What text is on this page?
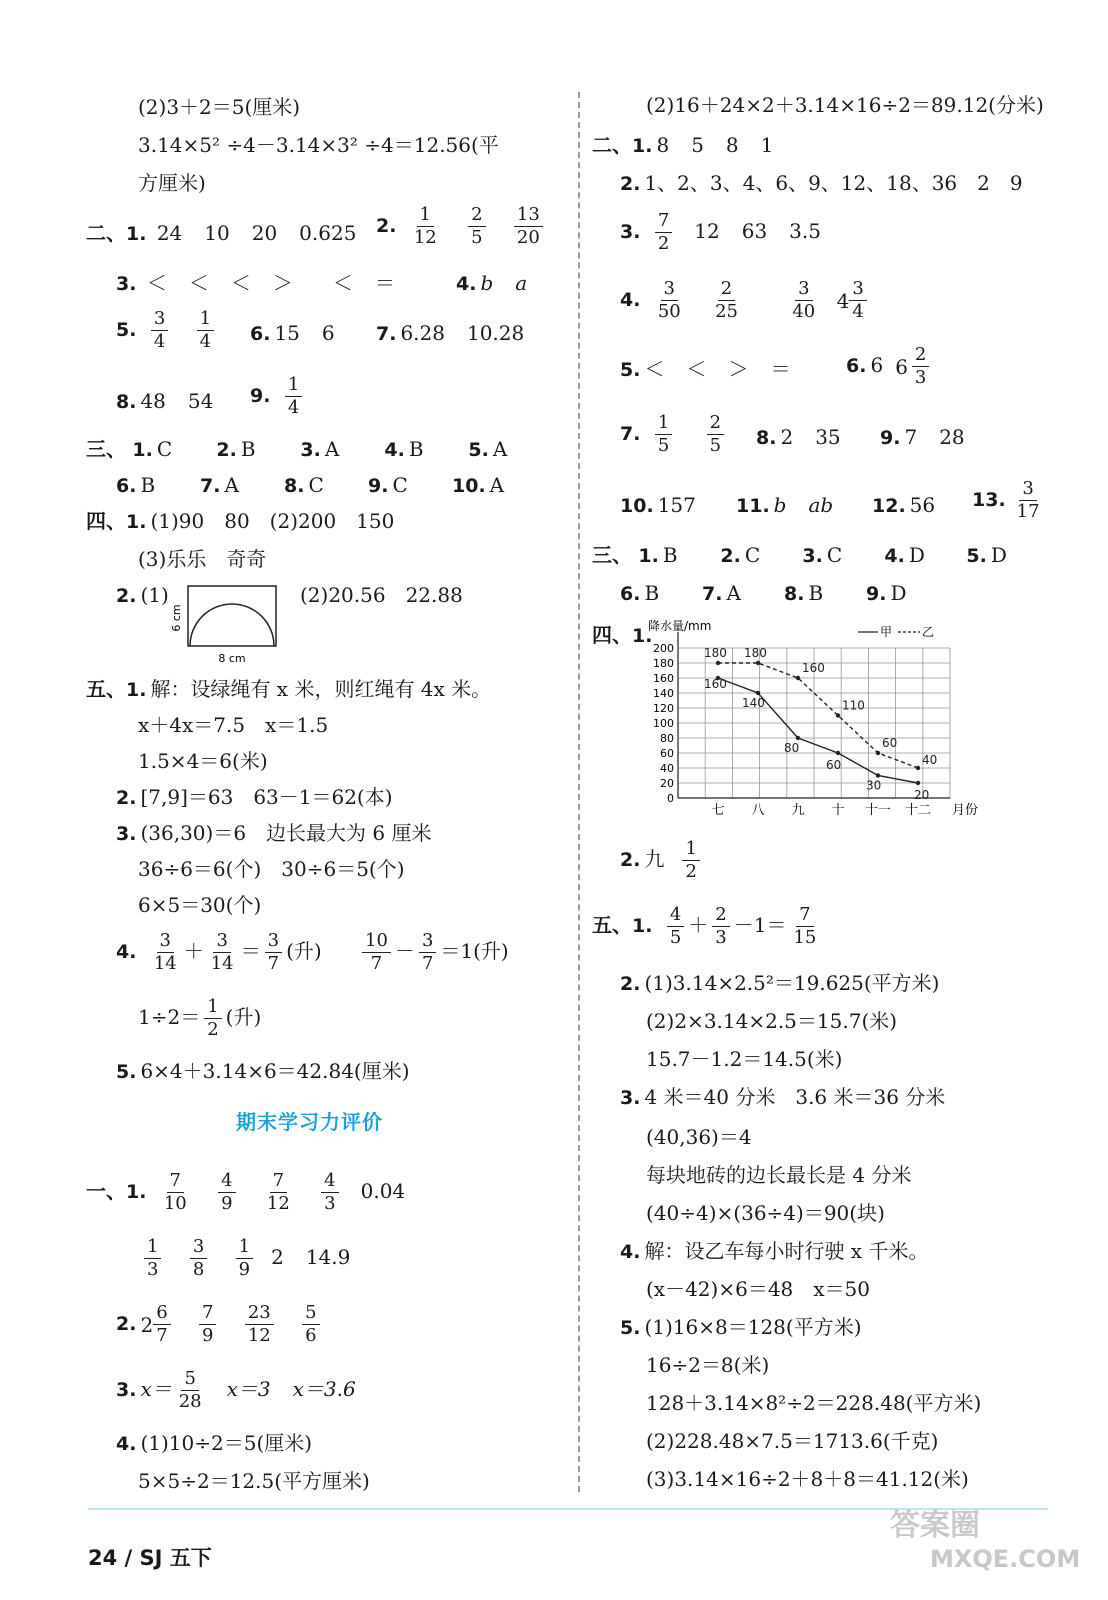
(2)3＋2＝5(厘米)
3.14×5² ÷4－3.14×3² ÷4＝12.56(平
方厘米)
二、1. 24 10 20 0.625	2. $\frac{1}{12}$
$\frac{2}{5}$
$\frac{13}{20}$
3. ＜ ＜ ＜ ＞ ＜ ＝	4. b a
5. $\frac{3}{4}$
$\frac{1}{4} 6$. 15 6 7. 6.28 10.28
8. 48 54 9. $\frac{1}{4}$
三、 1. C 2. B 3. A 4. B 5. A
6. B 7. A 8. C 9. C 10. A
四、1. (1)90　80　(2)200　150
(3)乐乐　奇奇
2. (1)
6 cm
8 cm
(2)20.56　22.88
五、1. 解：设绿绳有 x 米，则红绳有 4x 米。
x＋4x＝7.5　x＝1.5
1.5×4＝6(米)
2. [7,9]＝63　63－1＝62(本)
3. (36,30)＝6　边长最大为 6 厘米
36÷6＝6(个)　30÷6＝5(个)
6×5＝30(个)
4. $\frac{3}{14} + \frac{3}{14} = \frac{3}{7}$ (升) $\frac{10}{7} - \frac{3}{7} =1$(升)
$1\div 2= \frac{1}{2}$ (升)
5. 6×4＋3.14×6＝42.84(厘米)
期末学习力评价
一、1. $\frac{7}{10}$
$\frac{4}{9}$
$\frac{7}{12}$
$\frac{4}{3} 0.04$
$\frac{1}{3}$
$\frac{3}{8}$
$\frac{1}{9} 2$ 14.9
2. 2 6
7
$\frac{7}{9}$
$\frac{23}{12}$
$\frac{5}{6}$
3. $x= \frac{5}{28} x=3$ x＝3.6
4. (1)10÷2＝5(厘米)
5×5÷2＝12.5(平方厘米)
(2)16＋24×2＋3.14×16÷2＝89.12(分米)
二、1. 8 5 8 1
2. 1、2、3、4、6、9、12、18、36　2　9
3. $\frac{7}{2} 12$ 63 3.5
4. $\frac{3}{50}$
$\frac{2}{25}$
	$\frac{3}{40}$
4 3
4
5. ＜ ＜ ＞ ＝	6. 6 6 2
3
7. $\frac{1}{5}$
$\frac{2}{5} 8$. 2 35 9. 7 28
10. 157 11. b ab 12. 56 13. $\frac{3}{17}$
三、 1. B 2. C 3. C 4. D 5. D
6. B 7. A 8. B 9. D
四、1.
2. 九 $\frac{1}{2}$
五、1. $\frac{4}{5} + \frac{2}{3} -1= \frac{7}{15}$
2. (1)3.14×2.5²＝19.625(平方米)
(2)2×3.14×2.5＝15.7(米)
15.7－1.2＝14.5(米)
3. 4 米＝40 分米　3.6 米＝36 分米
(40,36)＝4
每块地砖的边长最长是 4 分米
(40÷4)×(36÷4)＝90(块)
4. 解：设乙车每小时行驶 x 千米。
(x－42)×6＝48　x＝50
5. (1)16×8＝128(平方米)
16÷2＝8(米)
128＋3.14×8²÷2＝228.48(平方米)
(2)228.48×7.5＝1713.6(千克)
(3)3.14×16÷2＋8＋8＝41.12(米)
0
20
40
60
80
100
120
140
160
180
200
降水量/mm
七 八 九 十 十一 十二 月份
甲 乙
160
140
80
60
30
20
180 180
160
110
60
40
24 / SJ 五下
答案圈
MXQE.COM
